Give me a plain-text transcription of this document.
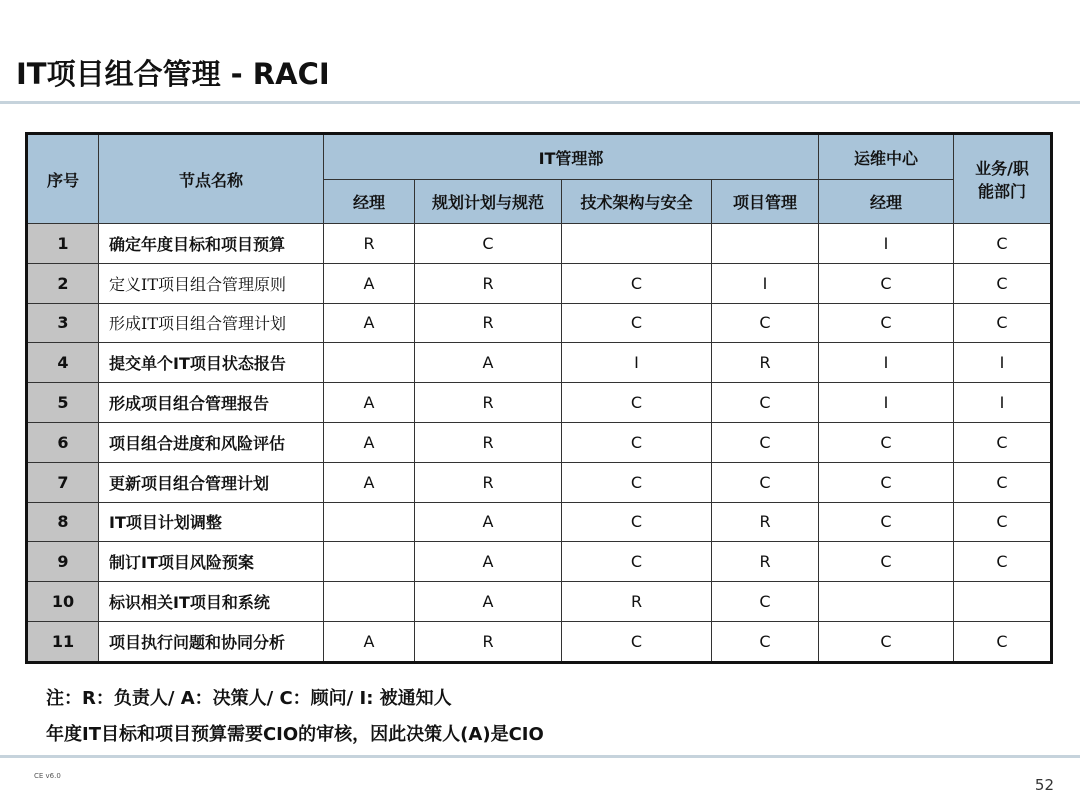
IT项目组合管理 - RACI
序号	节点名称	IT管理部				运维中心	业务/职能部门
		经理	规划计划与规范	技术架构与安全	项目管理	经理	
1	确定年度目标和项目预算	R	C			I	C
2	定义IT项目组合管理原则	A	R	C	I	C	C
3	形成IT项目组合管理计划	A	R	C	C	C	C
4	提交单个IT项目状态报告		A	I	R	I	I
5	形成项目组合管理报告	A	R	C	C	I	I
6	项目组合进度和风险评估	A	R	C	C	C	C
7	更新项目组合管理计划	A	R	C	C	C	C
8	IT项目计划调整		A	C	R	C	C
9	制订IT项目风险预案		A	C	R	C	C
10	标识相关IT项目和系统		A	R	C		
11	项目执行问题和协同分析	A	R	C	C	C	C
注：R：负责人/ A：决策人/ C：顾问/ I: 被通知人
年度IT目标和项目预算需要CIO的审核，因此决策人(A)是CIO
CE v6.0	52
